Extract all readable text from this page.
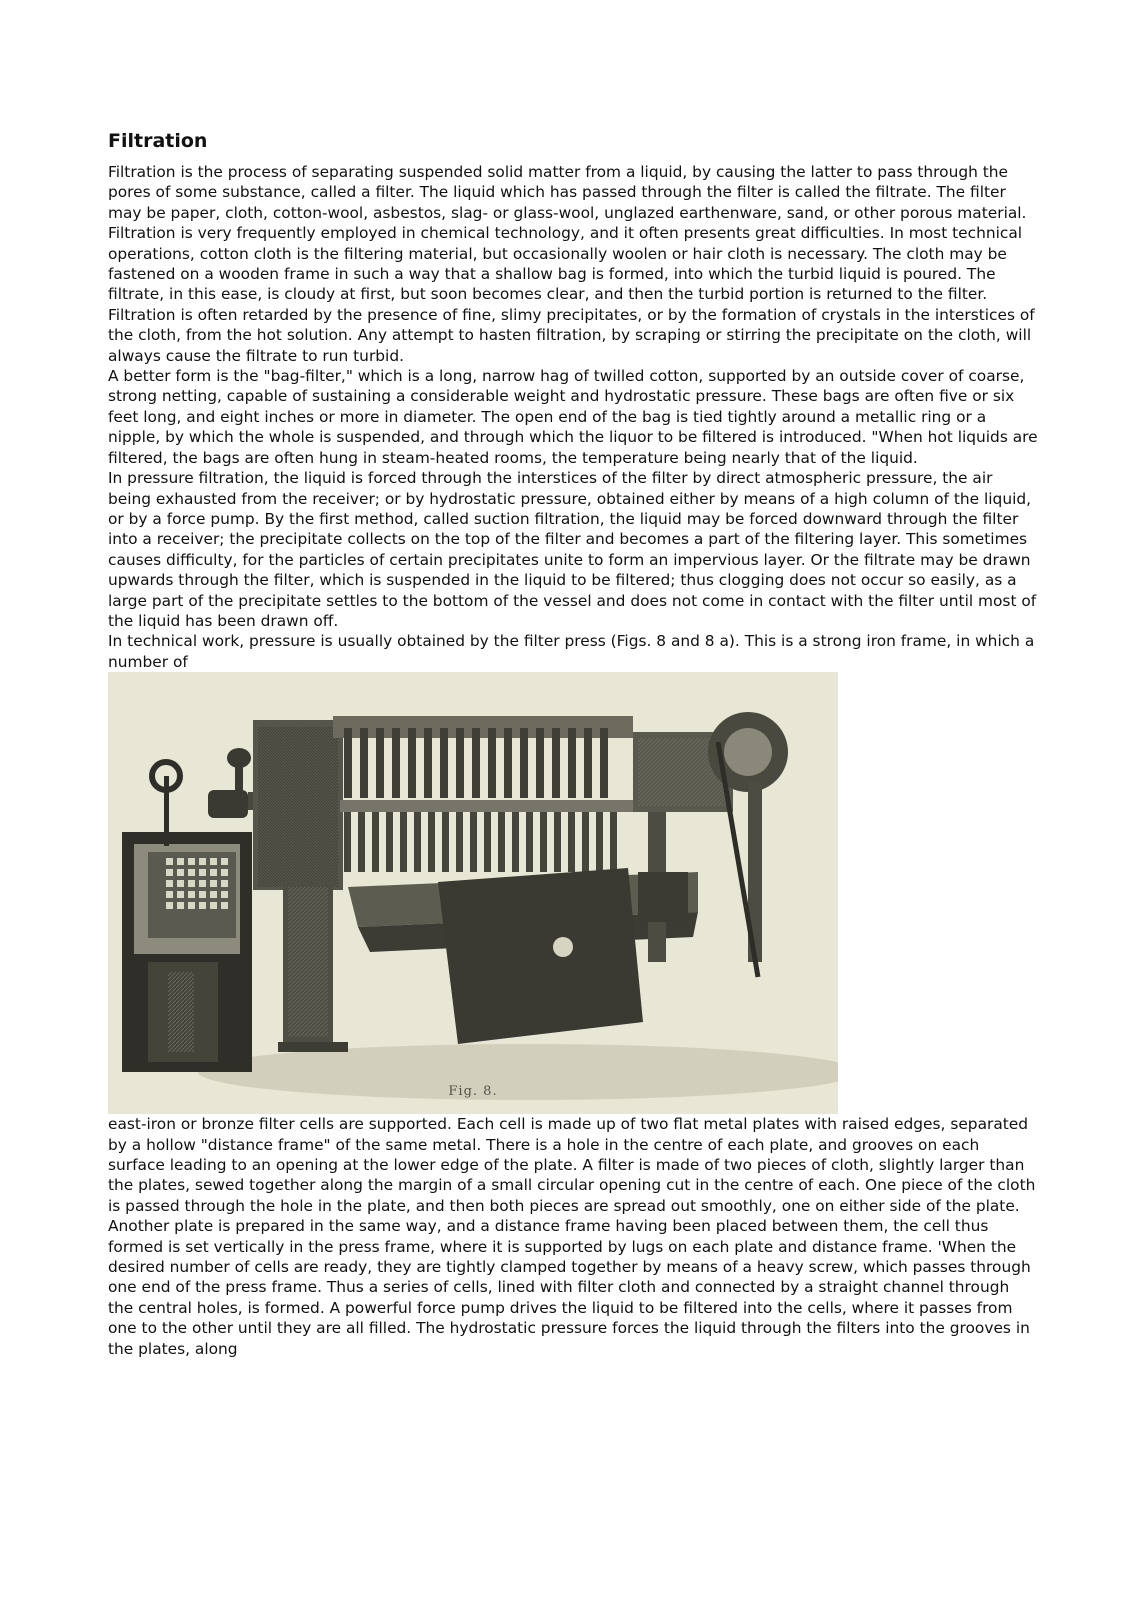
Filtration

Filtration is the process of separating suspended solid matter from a liquid, by causing the latter to pass through the pores of some substance, called a filter. The liquid which has passed through the filter is called the filtrate. The filter may be paper, cloth, cotton-wool, asbestos, slag- or glass-wool, unglazed earthenware, sand, or other porous material.

Filtration is very frequently employed in chemical technology, and it often presents great difficulties. In most technical operations, cotton cloth is the filtering material, but occasionally woolen or hair cloth is necessary. The cloth may be fastened on a wooden frame in such a way that a shallow bag is formed, into which the turbid liquid is poured. The filtrate, in this ease, is cloudy at first, but soon becomes clear, and then the turbid portion is returned to the filter. Filtration is often retarded by the presence of fine, slimy precipitates, or by the formation of crystals in the interstices of the cloth, from the hot solution. Any attempt to hasten filtration, by scraping or stirring the precipitate on the cloth, will always cause the filtrate to run turbid.

A better form is the "bag-filter," which is a long, narrow hag of twilled cotton, supported by an outside cover of coarse, strong netting, capable of sustaining a considerable weight and hydrostatic pressure. These bags are often five or six feet long, and eight inches or more in diameter. The open end of the bag is tied tightly around a metallic ring or a nipple, by which the whole is suspended, and through which the liquor to be filtered is introduced. "When hot liquids are filtered, the bags are often hung in steam-heated rooms, the temperature being nearly that of the liquid.

In pressure filtration, the liquid is forced through the interstices of the filter by direct atmospheric pressure, the air being exhausted from the receiver; or by hydrostatic pressure, obtained either by means of a high column of the liquid, or by a force pump. By the first method, called suction filtration, the liquid may be forced downward through the filter into a receiver; the precipitate collects on the top of the filter and becomes a part of the filtering layer. This sometimes causes difficulty, for the particles of certain precipitates unite to form an impervious layer. Or the filtrate may be drawn upwards through the filter, which is suspended in the liquid to be filtered; thus clogging does not occur so easily, as a large part of the precipitate settles to the bottom of the vessel and does not come in contact with the filter until most of the liquid has been drawn off.

In technical work, pressure is usually obtained by the filter press (Figs. 8 and 8 a). This is a strong iron frame, in which a number of

Fig. 8.

east-iron or bronze filter cells are supported. Each cell is made up of two flat metal plates with raised edges, separated by a hollow "distance frame" of the same metal. There is a hole in the centre of each plate, and grooves on each surface leading to an opening at the lower edge of the plate. A filter is made of two pieces of cloth, slightly larger than the plates, sewed together along the margin of a small circular opening cut in the centre of each. One piece of the cloth is passed through the hole in the plate, and then both pieces are spread out smoothly, one on either side of the plate.

Another plate is prepared in the same way, and a distance frame having been placed between them, the cell thus formed is set vertically in the press frame, where it is supported by lugs on each plate and distance frame. 'When the desired number of cells are ready, they are tightly clamped together by means of a heavy screw, which passes through one end of the press frame. Thus a series of cells, lined with filter cloth and connected by a straight channel through the central holes, is formed. A powerful force pump drives the liquid to be filtered into the cells, where it passes from one to the other until they are all filled. The hydrostatic pressure forces the liquid through the filters into the grooves in the plates, along
